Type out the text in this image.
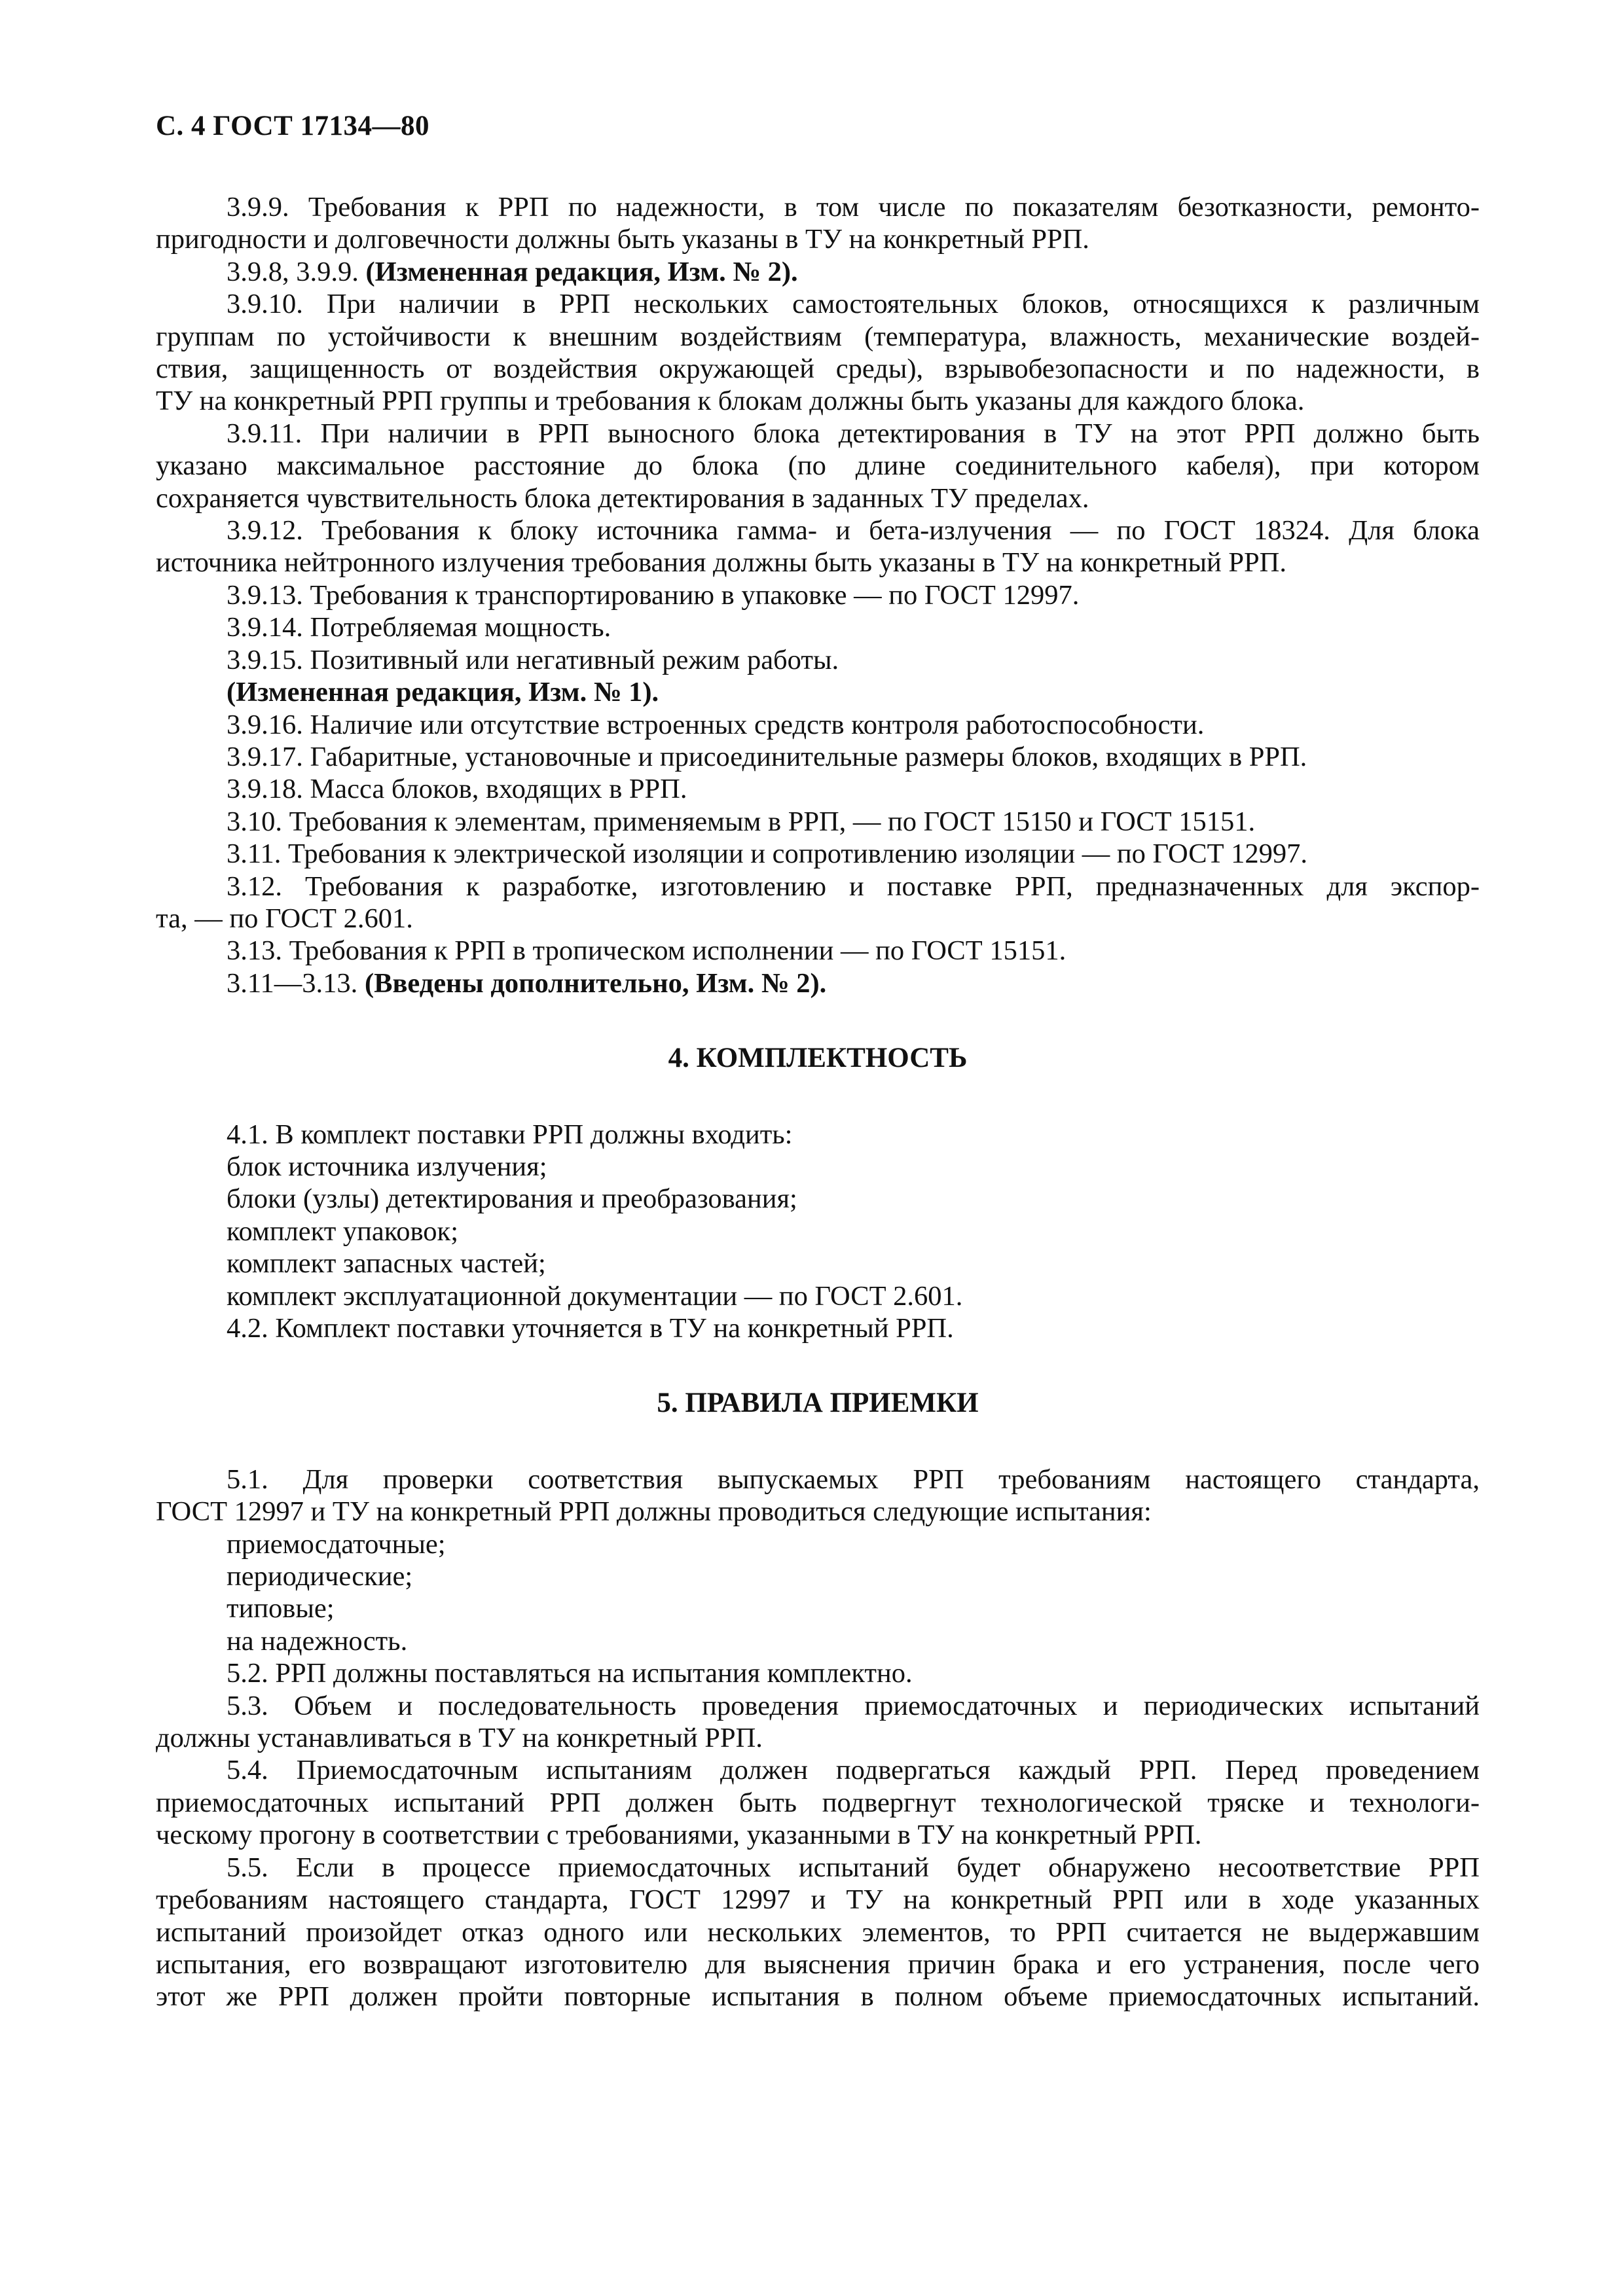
С. 4 ГОСТ 17134—80
3.9.9. Требования к РРП по надежности, в том числе по показателям безотказности, ремонто-
пригодности и долговечности должны быть указаны в ТУ на конкретный РРП.
3.9.8, 3.9.9. (Измененная редакция, Изм. № 2).
3.9.10. При наличии в РРП нескольких самостоятельных блоков, относящихся к различным
группам по устойчивости к внешним воздействиям (температура, влажность, механические воздей-
ствия, защищенность от воздействия окружающей среды), взрывобезопасности и по надежности, в
ТУ на конкретный РРП группы и требования к блокам должны быть указаны для каждого блока.
3.9.11. При наличии в РРП выносного блока детектирования в ТУ на этот РРП должно быть
указано максимальное расстояние до блока (по длине соединительного кабеля), при котором
сохраняется чувствительность блока детектирования в заданных ТУ пределах.
3.9.12. Требования к блоку источника гамма- и бета-излучения — по ГОСТ 18324. Для блока
источника нейтронного излучения требования должны быть указаны в ТУ на конкретный РРП.
3.9.13. Требования к транспортированию в упаковке — по ГОСТ 12997.
3.9.14. Потребляемая мощность.
3.9.15. Позитивный или негативный режим работы.
(Измененная редакция, Изм. № 1).
3.9.16. Наличие или отсутствие встроенных средств контроля работоспособности.
3.9.17. Габаритные, установочные и присоединительные размеры блоков, входящих в РРП.
3.9.18. Масса блоков, входящих в РРП.
3.10. Требования к элементам, применяемым в РРП, — по ГОСТ 15150 и ГОСТ 15151.
3.11. Требования к электрической изоляции и сопротивлению изоляции — по ГОСТ 12997.
3.12. Требования к разработке, изготовлению и поставке РРП, предназначенных для экспор-
та, — по ГОСТ 2.601.
3.13. Требования к РРП в тропическом исполнении — по ГОСТ 15151.
3.11—3.13. (Введены дополнительно, Изм. № 2).
4. КОМПЛЕКТНОСТЬ
4.1. В комплект поставки РРП должны входить:
блок источника излучения;
блоки (узлы) детектирования и преобразования;
комплект упаковок;
комплект запасных частей;
комплект эксплуатационной документации — по ГОСТ 2.601.
4.2. Комплект поставки уточняется в ТУ на конкретный РРП.
5. ПРАВИЛА ПРИЕМКИ
5.1. Для проверки соответствия выпускаемых РРП требованиям настоящего стандарта,
ГОСТ 12997 и ТУ на конкретный РРП должны проводиться следующие испытания:
приемосдаточные;
периодические;
типовые;
на надежность.
5.2. РРП должны поставляться на испытания комплектно.
5.3. Объем и последовательность проведения приемосдаточных и периодических испытаний
должны устанавливаться в ТУ на конкретный РРП.
5.4. Приемосдаточным испытаниям должен подвергаться каждый РРП. Перед проведением
приемосдаточных испытаний РРП должен быть подвергнут технологической тряске и технологи-
ческому прогону в соответствии с требованиями, указанными в ТУ на конкретный РРП.
5.5. Если в процессе приемосдаточных испытаний будет обнаружено несоответствие РРП
требованиям настоящего стандарта, ГОСТ 12997 и ТУ на конкретный РРП или в ходе указанных
испытаний произойдет отказ одного или нескольких элементов, то РРП считается не выдержавшим
испытания, его возвращают изготовителю для выяснения причин брака и его устранения, после чего
этот же РРП должен пройти повторные испытания в полном объеме приемосдаточных испытаний.
